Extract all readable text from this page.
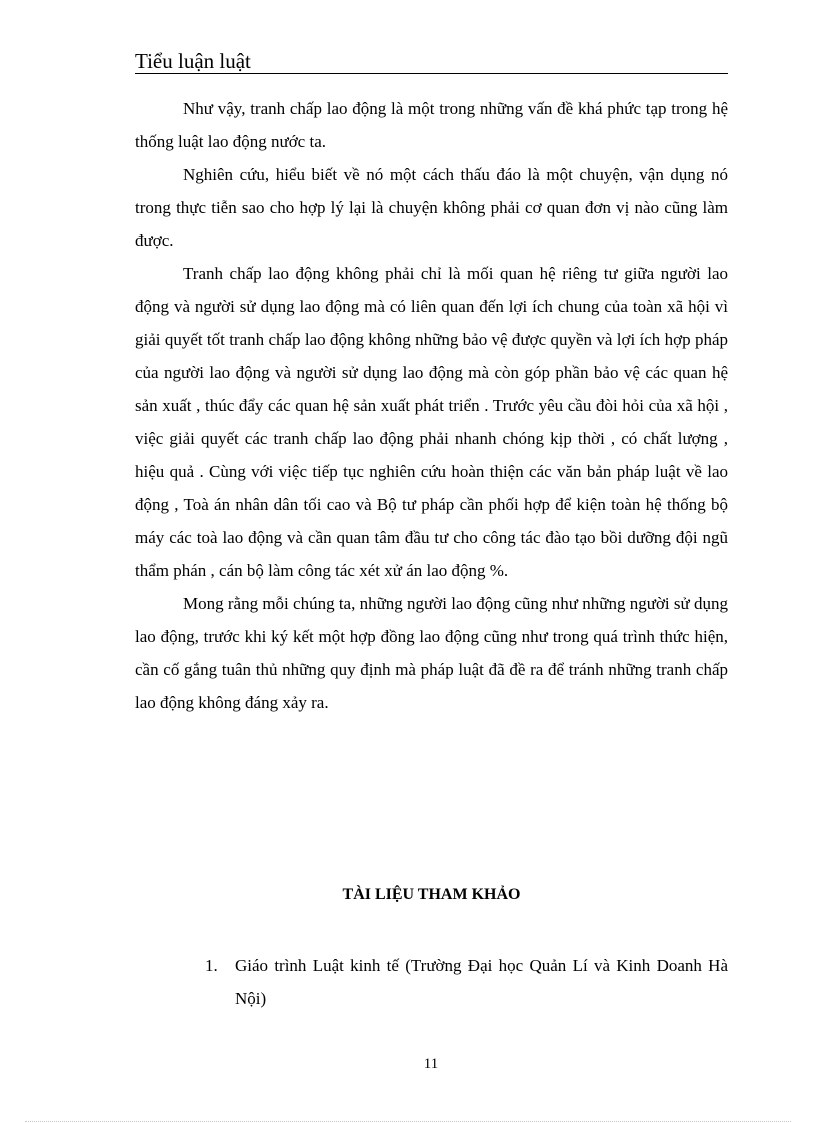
Tiểu luận luật

Như vậy, tranh chấp lao động là một trong những vấn đề khá phức tạp trong hệ thống luật lao động nước ta.

Nghiên cứu, hiểu biết về nó một cách thấu đáo là một chuyện, vận dụng nó trong thực tiễn sao cho hợp lý lại là chuyện không phải cơ quan đơn vị nào cũng làm được.

Tranh chấp lao động không phải chỉ là mối quan hệ riêng tư giữa người lao động và người sử dụng lao động mà có liên quan đến lợi ích chung của toàn xã hội vì giải quyết tốt tranh chấp lao động không những bảo vệ được quyền và lợi ích hợp pháp của người lao động và người sử dụng lao động mà còn góp phần bảo vệ các quan hệ sản xuất , thúc đẩy các quan hệ sản xuất phát triển . Trước yêu cầu đòi hỏi của xã hội , việc giải quyết các tranh chấp lao động phải nhanh chóng kịp thời , có chất lượng , hiệu quả . Cùng với việc tiếp tục nghiên cứu hoàn thiện các văn bản pháp luật về lao động , Toà án nhân dân tối cao và Bộ tư pháp cần phối hợp để kiện toàn hệ thống bộ máy các toà lao động và cần quan tâm đầu tư cho công tác đào tạo bồi dưỡng đội ngũ thẩm phán , cán bộ làm công tác xét xử án lao động %.

Mong rằng mỗi chúng ta, những người lao động cũng như những người sử dụng lao động, trước khi ký kết một hợp đồng lao động cũng như trong quá trình thức hiện, cần cố gắng tuân thủ những quy định mà pháp luật đã đề ra để tránh những tranh chấp lao động không đáng xảy ra.

TÀI LIỆU THAM KHẢO
1.	Giáo trình Luật kinh tế (Trường Đại học Quản Lí và Kinh Doanh Hà Nội)
11
